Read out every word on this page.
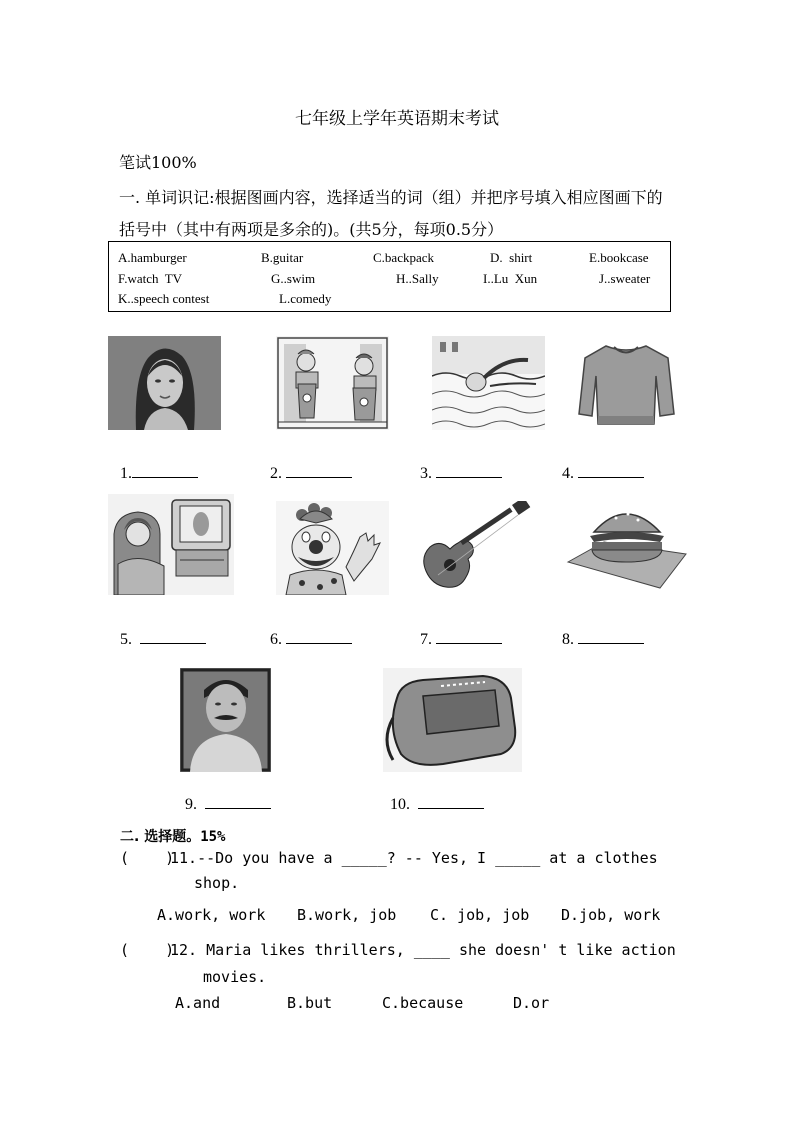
七年级上学年英语期末考试
笔试100%
一. 单词识记:根据图画内容，选择适当的词（组）并把序号填入相应图画下的
括号中（其中有两项是多余的)。(共5分，每项0.5分）
A.hamburger	B.guitar	C.backpack	D.  shirt	E.bookcase
F.watch  TV	G..swim	H..Sally	I..Lu  Xun	J..sweater
K..speech contest	L.comedy
1.	2.	3.	4.
5.	6.	7.	8.
9.	10.
二. 选择题。15%
(    )
11.--Do you have a _____? -- Yes, I _____ at a clothes
shop.
A.work, work B.work, job C. job, job D.job, work
(    )
12. Maria likes thrillers, ____ she doesn' t like action
movies.
A.and	B.but	C.because	D.or
